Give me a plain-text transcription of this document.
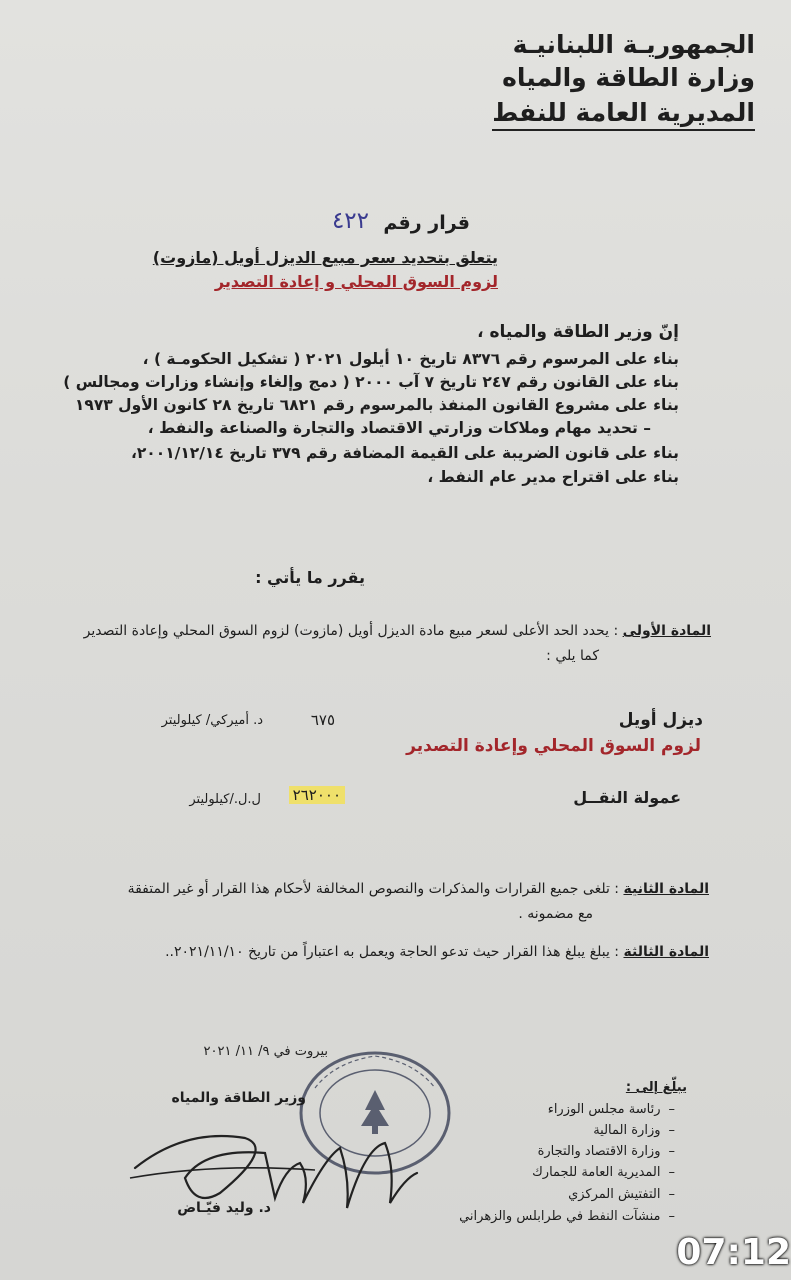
الجمهوريـة اللبنانيـة
وزارة الطاقة والمياه
المديرية العامة للنفط
قرار رقم
٤٢٢
يتعلق بتحديد سعر مبيع الديزل أويل (مازوت)
لزوم السوق المحلي و إعادة التصدير
إنّ وزير الطاقة والمياه ،
بناء على المرسوم رقم ٨٣٧٦ تاريخ ١٠ أيلول ٢٠٢١ ( تشكيل الحكومـة ) ،
بناء على القانون رقم ٢٤٧ تاريخ ٧ آب ٢٠٠٠ ( دمج وإلغاء وإنشاء وزارات ومجالس )
بناء على مشروع القانون المنفذ بالمرسوم رقم ٦٨٢١ تاريخ ٢٨ كانون الأول ١٩٧٣
– تحديد مهام وملاكات وزارتي الاقتصاد والتجارة والصناعة والنفط ،
بناء على قانون الضريبة على القيمة المضافة رقم ٣٧٩ تاريخ ٢٠٠١/١٢/١٤،
بناء على اقتراح مدير عام النفط ،
يقرر ما يأتي :
المادة الأولى : يحدد الحد الأعلى لسعر مبيع مادة الديزل أويل (مازوت) لزوم السوق المحلي وإعادة التصدير
كما يلي :
ديزل أويل
٦٧٥
د. أميركي/ كيلوليتر
لزوم السوق المحلي وإعادة التصدير
عمولة النقــل
٢٦٢٠٠٠
ل.ل./كيلوليتر
المادة الثانية : تلغى جميع القرارات والمذكرات والنصوص المخالفة لأحكام هذا القرار أو غير المتفقة
مع مضمونه .
المادة الثالثة : يبلغ يبلغ هذا القرار حيث تدعو الحاجة ويعمل به اعتباراً من تاريخ ٢٠٢١/١١/١٠..
بيروت في ٩/ ١١/ ٢٠٢١
وزير الطاقة والمياه
د. وليد فيّـاض
يبلّغ إلى :
– رئاسة مجلس الوزراء
– وزارة المالية
– وزارة الاقتصاد والتجارة
– المديرية العامة للجمارك
– التفتيش المركزي
– منشآت النفط في طرابلس والزهراني
07:12
